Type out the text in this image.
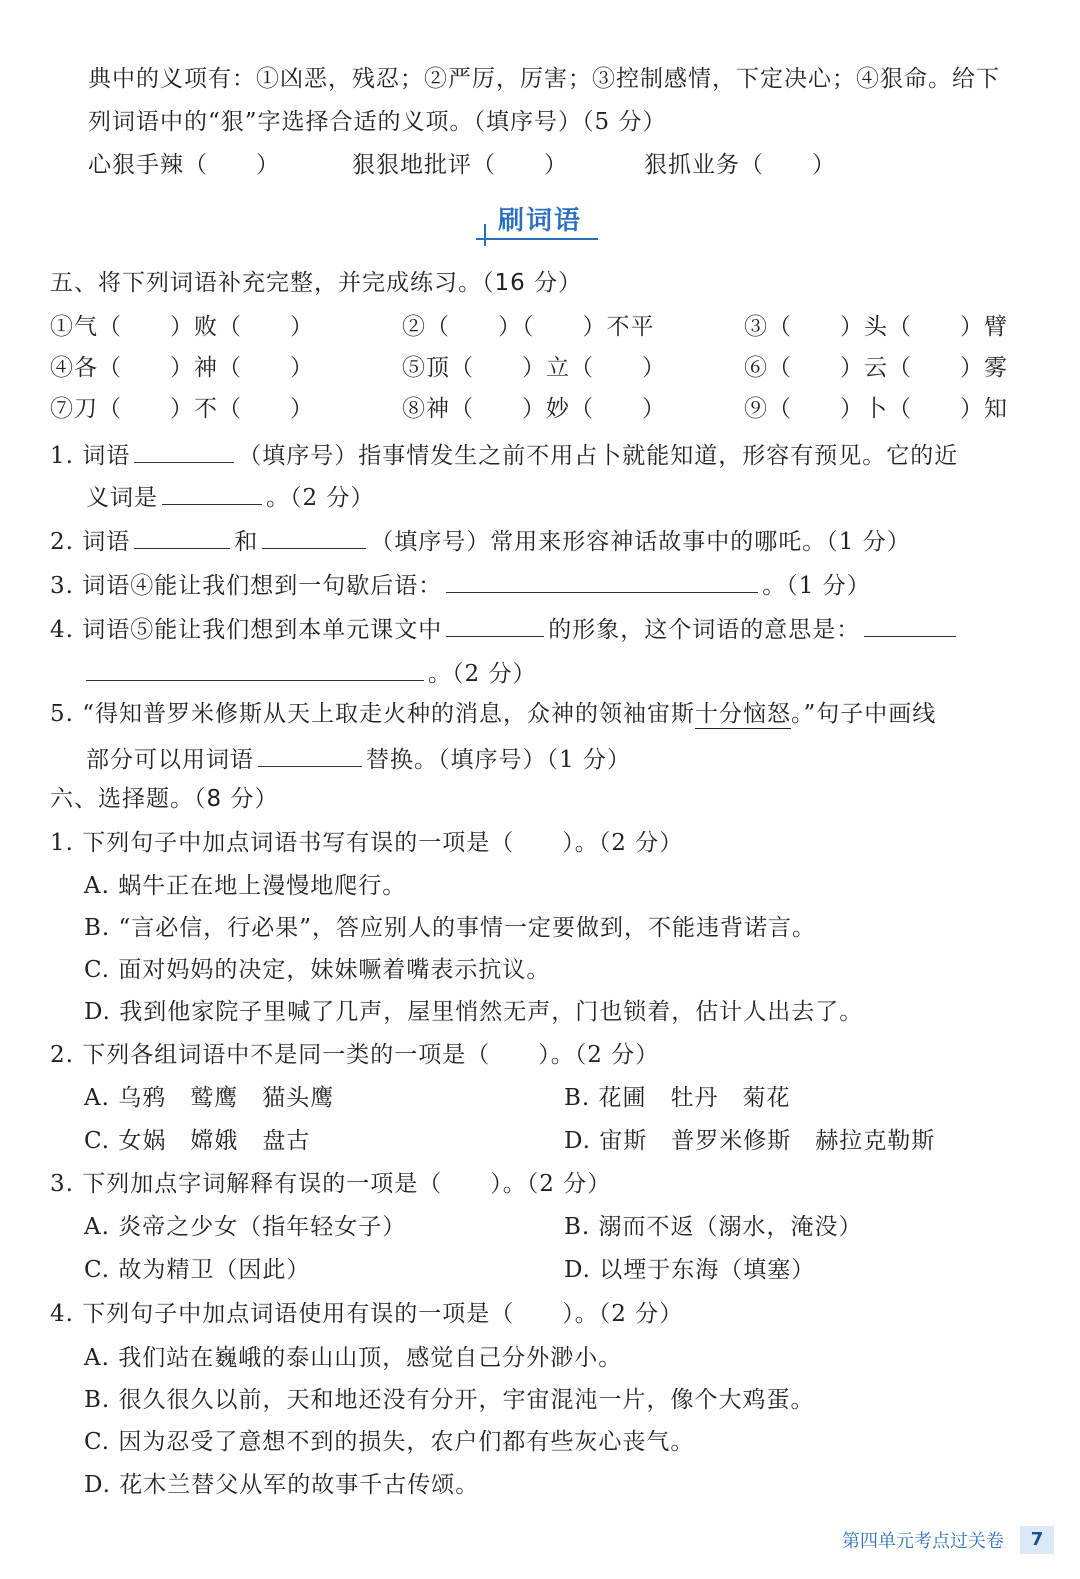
典中的义项有：①凶恶，残忍；②严厉，厉害；③控制感情，下定决心；④狠命。给下
列词语中的“狠”字选择合适的义项。（填序号）（5 分）
心狠手辣（　　）	狠狠地批评（　　）	狠抓业务（　　）
刷词语
五、将下列词语补充完整，并完成练习。（16 分）
①气（　　）败（　　）	②（　　）（　　）不平	③（　　）头（　　）臂
④各（　　）神（　　）	⑤顶（　　）立（　　）	⑥（　　）云（　　）雾
⑦刀（　　）不（　　）	⑧神（　　）妙（　　）	⑨（　　）卜（　　）知
1. 词语	（填序号）指事情发生之前不用占卜就能知道，形容有预见。它的近
义词是	。（2 分）
2. 词语	和	（填序号）常用来形容神话故事中的哪吒。（1 分）
3. 词语④能让我们想到一句歇后语：	。（1 分）
4. 词语⑤能让我们想到本单元课文中	的形象，这个词语的意思是：
。（2 分）
5. “得知普罗米修斯从天上取走火种的消息，众神的领袖宙斯十分恼怒。”句子中画线
部分可以用词语	替换。（填序号）（1 分）
六、选择题。（8 分）
1. 下列句子中加点词语书写有误的一项是（　　）。（2 分）
A. 蜗牛正在地上漫慢地爬行。
B. “言必信，行必果”，答应别人的事情一定要做到，不能违背诺言。
C. 面对妈妈的决定，妹妹噘着嘴表示抗议。
D. 我到他家院子里喊了几声，屋里悄然无声，门也锁着，估计人出去了。
2. 下列各组词语中不是同一类的一项是（　　）。（2 分）
A. 乌鸦　鹫鹰　猫头鹰	B. 花圃　牡丹　菊花
C. 女娲　嫦娥　盘古	D. 宙斯　普罗米修斯　赫拉克勒斯
3. 下列加点字词解释有误的一项是（　　）。（2 分）
A. 炎帝之少女（指年轻女子）	B. 溺而不返（溺水，淹没）
C. 故为精卫（因此）	D. 以堙于东海（填塞）
4. 下列句子中加点词语使用有误的一项是（　　）。（2 分）
A. 我们站在巍峨的泰山山顶，感觉自己分外渺小。
B. 很久很久以前，天和地还没有分开，宇宙混沌一片，像个大鸡蛋。
C. 因为忍受了意想不到的损失，农户们都有些灰心丧气。
D. 花木兰替父从军的故事千古传颂。
第四单元考点过关卷	7
